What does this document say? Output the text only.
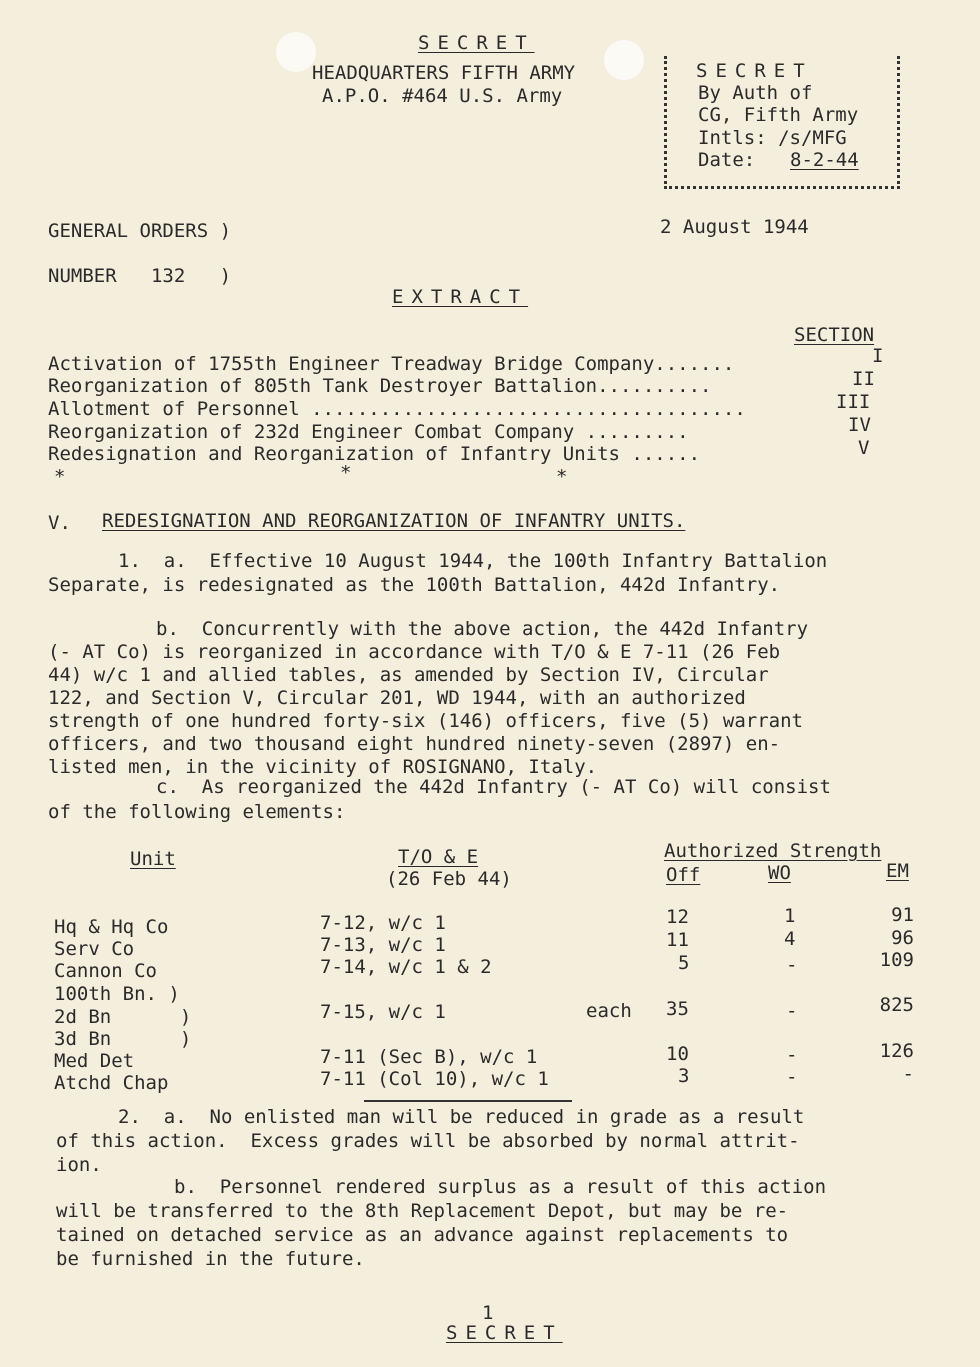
SECRET
HEADQUARTERS FIFTH ARMY
A.P.O. #464 U.S. Army
SECRET
By Auth of
CG, Fifth Army
Intls: /s/MFG
Date: 8-2-44
GENERAL ORDERS )
NUMBER   132   )
2 August 1944
EXTRACT
SECTION
Activation of 1755th Engineer Treadway Bridge Company.......	I
Reorganization of 805th Tank Destroyer Battalion..........	II
Allotment of Personnel ......................................	III
Reorganization of 232d Engineer Combat Company .........	IV
Redesignation and Reorganization of Infantry Units ......	V
*	*	*
V. REDESIGNATION AND REORGANIZATION OF INFANTRY UNITS.
1.  a.  Effective 10 August 1944, the 100th Infantry Battalion
Separate, is redesignated as the 100th Battalion, 442d Infantry.
b.  Concurrently with the above action, the 442d Infantry
(- AT Co) is reorganized in accordance with T/O & E 7-11 (26 Feb
44) w/c 1 and allied tables, as amended by Section IV, Circular
122, and Section V, Circular 201, WD 1944, with an authorized
strength of one hundred forty-six (146) officers, five (5) warrant
officers, and two thousand eight hundred ninety-seven (2897) en-
listed men, in the vicinity of ROSIGNANO, Italy.
c.  As reorganized the 442d Infantry (- AT Co) will consist
of the following elements:
Unit	T/O & E
(26 Feb 44)
Authorized Strength
Off	WO	EM
Hq & Hq Co	7-12, w/c 1	12	1	91
Serv Co	7-13, w/c 1	11	4	96
Cannon Co	7-14, w/c 1 & 2	5	-	109
100th Bn. )
2d Bn      )	7-15, w/c 1	each 35	-	825
3d Bn      )
Med Det	7-11 (Sec B), w/c 1	10	-	126
Atchd Chap	7-11 (Col 10), w/c 1	3	-	-
2.  a.  No enlisted man will be reduced in grade as a result
of this action.  Excess grades will be absorbed by normal attrit-
ion.
b.  Personnel rendered surplus as a result of this action
will be transferred to the 8th Replacement Depot, but may be re-
tained on detached service as an advance against replacements to
be furnished in the future.
1
SECRET
